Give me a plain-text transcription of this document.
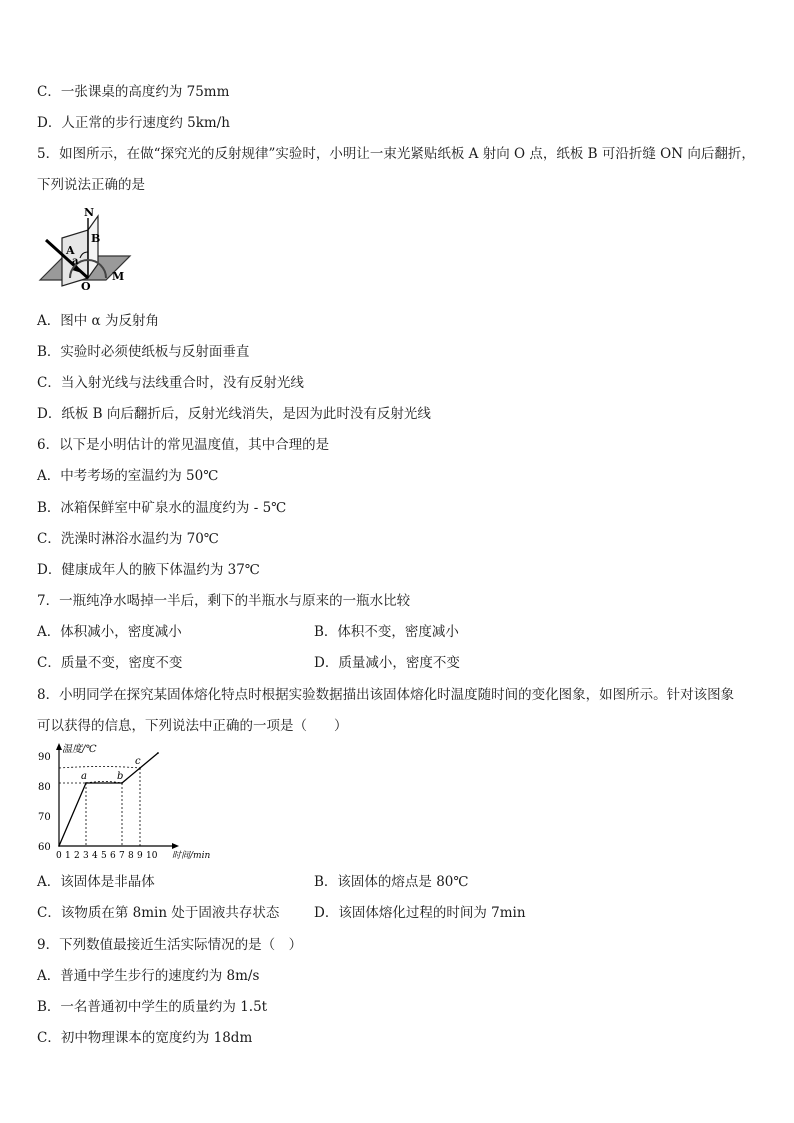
C．一张课桌的高度约为 75mm
D．人正常的步行速度约 5km/h
5．如图所示，在做“探究光的反射规律”实验时，小明让一束光紧贴纸板 A 射向 O 点，纸板 B 可沿折缝 ON 向后翻折，
下列说法正确的是
N
A
B
a
O
M
A．图中 α 为反射角
B．实验时必须使纸板与反射面垂直
C．当入射光线与法线重合时，没有反射光线
D．纸板 B 向后翻折后，反射光线消失，是因为此时没有反射光线
6．以下是小明估计的常见温度值，其中合理的是
A．中考考场的室温约为 50℃
B．冰箱保鲜室中矿泉水的温度约为 - 5℃
C．洗澡时淋浴水温约为 70℃
D．健康成年人的腋下体温约为 37℃
7．一瓶纯净水喝掉一半后，剩下的半瓶水与原来的一瓶水比较
A．体积减小，密度减小	B．体积不变，密度减小
C．质量不变，密度不变	D．质量减小，密度不变
8．小明同学在探究某固体熔化特点时根据实验数据描出该固体熔化时温度随时间的变化图象，如图所示。针对该图象
可以获得的信息，下列说法中正确的一项是（　　）
温度/℃
时间/min
90
80
70
60
0 1 2 3 4 5 6 7 8 9 10
a	b
c
A．该固体是非晶体	B．该固体的熔点是 80℃
C．该物质在第 8min 处于固液共存状态	D．该固体熔化过程的时间为 7min
9．下列数值最接近生活实际情况的是（　）
A．普通中学生步行的速度约为 8m/s
B．一名普通初中学生的质量约为 1.5t
C．初中物理课本的宽度约为 18dm
